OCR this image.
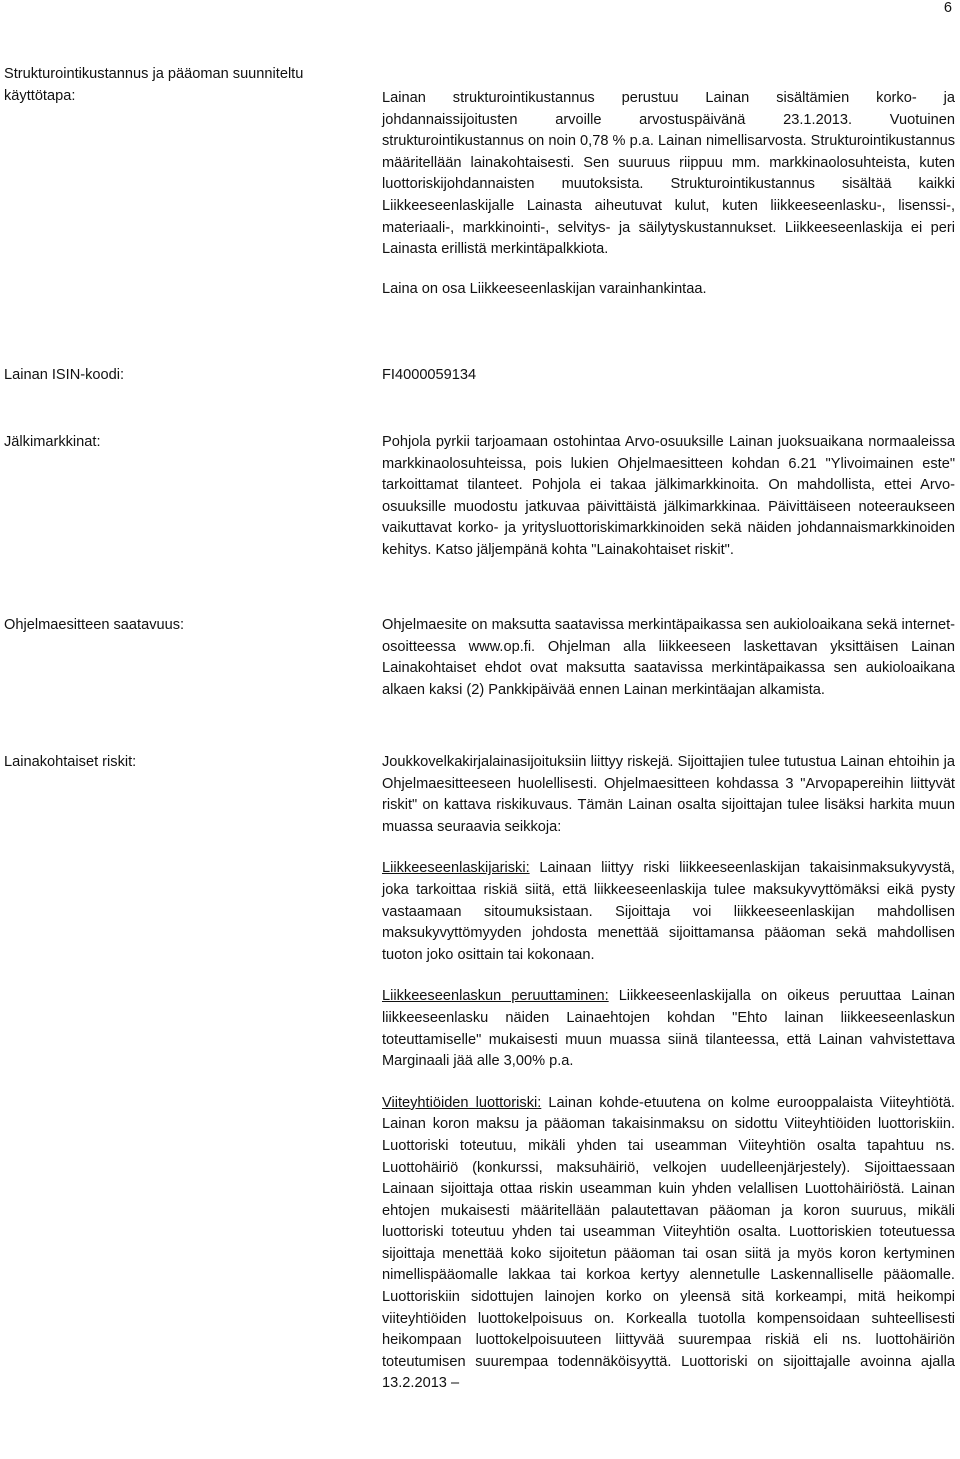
6
Strukturointikustannus ja pääoman suunniteltu käyttötapa:	Lainan strukturointikustannus perustuu Lainan sisältämien korko- ja johdannaissijoitusten arvoille arvostuspäivänä 23.1.2013. Vuotuinen strukturointikustannus on noin 0,78 % p.a. Lainan nimellisarvosta. Strukturointikustannus määritellään lainakohtaisesti. Sen suuruus riippuu mm. markkinaolosuhteista, kuten luottoriskijohdannaisten muutoksista. Strukturointikustannus sisältää kaikki Liikkeeseenlaskijalle Lainasta aiheutuvat kulut, kuten liikkeeseenlasku-, lisenssi-, materiaali-, markkinointi-, selvitys- ja säilytyskustannukset. Liikkeeseenlaskija ei peri Lainasta erillistä merkintäpalkkiota.

Laina on osa Liikkeeseenlaskijan varainhankintaa.

Lainan ISIN-koodi:	FI4000059134
Jälkimarkkinat:	Pohjola pyrkii tarjoamaan ostohintaa Arvo-osuuksille Lainan juoksuaikana normaaleissa markkinaolosuhteissa, pois lukien Ohjelmaesitteen kohdan 6.21 "Ylivoimainen este" tarkoittamat tilanteet. Pohjola ei takaa jälkimarkkinoita. On mahdollista, ettei Arvo-osuuksille muodostu jatkuvaa päivittäistä jälkimarkkinaa. Päivittäiseen noteeraukseen vaikuttavat korko- ja yritysluottoriskimarkkinoiden sekä näiden johdannaismarkkinoiden kehitys. Katso jäljempänä kohta "Lainakohtaiset riskit".
Ohjelmaesitteen saatavuus:	Ohjelmaesite on maksutta saatavissa merkintäpaikassa sen aukioloaikana sekä internet-osoitteessa www.op.fi. Ohjelman alla liikkeeseen laskettavan yksittäisen Lainan Lainakohtaiset ehdot ovat maksutta saatavissa merkintäpaikassa sen aukioloaikana alkaen kaksi (2) Pankkipäivää ennen Lainan merkintäajan alkamista.
Lainakohtaiset riskit:	Joukkovelkakirjalainasijoituksiin liittyy riskejä. Sijoittajien tulee tutustua Lainan ehtoihin ja Ohjelmaesitteeseen huolellisesti. Ohjelmaesitteen kohdassa 3 "Arvopapereihin liittyvät riskit" on kattava riskikuvaus. Tämän Lainan osalta sijoittajan tulee lisäksi harkita muun muassa seuraavia seikkoja:

Liikkeeseenlaskijariski: Lainaan liittyy riski liikkeeseenlaskijan takaisinmaksukyvystä, joka tarkoittaa riskiä siitä, että liikkeeseenlaskija tulee maksukyvyttömäksi eikä pysty vastaamaan sitoumuksistaan. Sijoittaja voi liikkeeseenlaskijan mahdollisen maksukyvyttömyyden johdosta menettää sijoittamansa pääoman sekä mahdollisen tuoton joko osittain tai kokonaan.

Liikkeeseenlaskun peruuttaminen: Liikkeeseenlaskijalla on oikeus peruuttaa Lainan liikkeeseenlasku näiden Lainaehtojen kohdan "Ehto lainan liikkeeseenlaskun toteuttamiselle" mukaisesti muun muassa siinä tilanteessa, että Lainan vahvistettava Marginaali jää alle 3,00% p.a.

Viiteyhtiöiden luottoriski: Lainan kohde-etuutena on kolme eurooppalaista Viiteyhtiötä. Lainan koron maksu ja pääoman takaisinmaksu on sidottu Viiteyhtiöiden luottoriskiin. Luottoriski toteutuu, mikäli yhden tai useamman Viiteyhtiön osalta tapahtuu ns. Luottohäiriö (konkurssi, maksuhäiriö, velkojen uudelleenjärjestely). Sijoittaessaan Lainaan sijoittaja ottaa riskin useamman kuin yhden velallisen Luottohäiriöstä. Lainan ehtojen mukaisesti määritellään palautettavan pääoman ja koron suuruus, mikäli luottoriski toteutuu yhden tai useamman Viiteyhtiön osalta. Luottoriskien toteutuessa sijoittaja menettää koko sijoitetun pääoman tai osan siitä ja myös koron kertyminen nimellispääomalle lakkaa tai korkoa kertyy alennetulle Laskennalliselle pääomalle. Luottoriskiin sidottujen lainojen korko on yleensä sitä korkeampi, mitä heikompi viiteyhtiöiden luottokelpoisuus on. Korkealla tuotolla kompensoidaan suhteellisesti heikompaan luottokelpoisuuteen liittyvää suurempaa riskiä eli ns. luottohäiriön toteutumisen suurempaa todennäköisyyttä. Luottoriski on sijoittajalle avoinna ajalla 13.2.2013 –
